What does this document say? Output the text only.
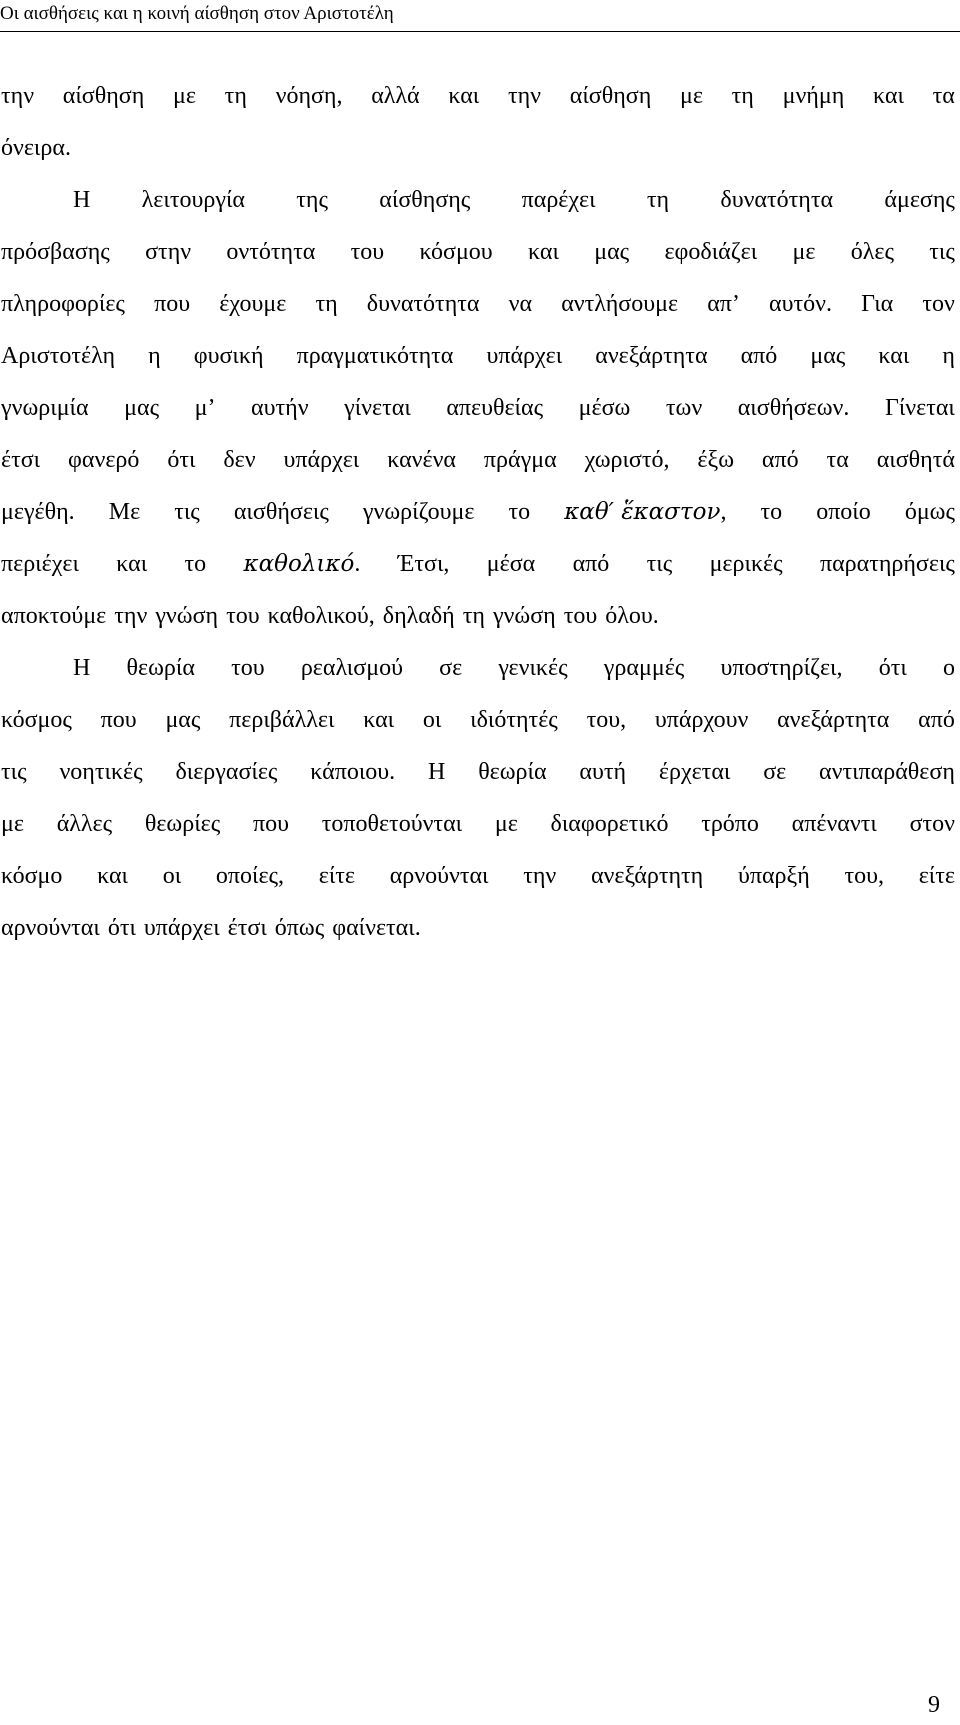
Οι αισθήσεις και η κοινή αίσθηση στον Αριστοτέλη
την αίσθηση με τη νόηση, αλλά και την αίσθηση με τη μνήμη και τα
όνειρα.
Η λειτουργία της αίσθησης παρέχει τη δυνατότητα άμεσης
πρόσβασης στην οντότητα του κόσμου και μας εφοδιάζει με όλες τις
πληροφορίες που έχουμε τη δυνατότητα να αντλήσουμε απ’ αυτόν. Για τον
Αριστοτέλη η φυσική πραγματικότητα υπάρχει ανεξάρτητα από μας και η
γνωριμία μας μ’ αυτήν γίνεται απευθείας μέσω των αισθήσεων. Γίνεται
έτσι φανερό ότι δεν υπάρχει κανένα πράγμα χωριστό, έξω από τα αισθητά
μεγέθη. Με τις αισθήσεις γνωρίζουμε το καθ′ ἕκαστον, το οποίο όμως
περιέχει και το καθολικό. Έτσι, μέσα από τις μερικές παρατηρήσεις
αποκτούμε την γνώση του καθολικού, δηλαδή τη γνώση του όλου.
Η θεωρία του ρεαλισμού σε γενικές γραμμές υποστηρίζει, ότι ο
κόσμος που μας περιβάλλει και οι ιδιότητές του, υπάρχουν ανεξάρτητα από
τις νοητικές διεργασίες κάποιου. Η θεωρία αυτή έρχεται σε αντιπαράθεση
με άλλες θεωρίες που τοποθετούνται με διαφορετικό τρόπο απέναντι στον
κόσμο και οι οποίες, είτε αρνούνται την ανεξάρτητη ύπαρξή του, είτε
αρνούνται ότι υπάρχει έτσι όπως φαίνεται.
9
